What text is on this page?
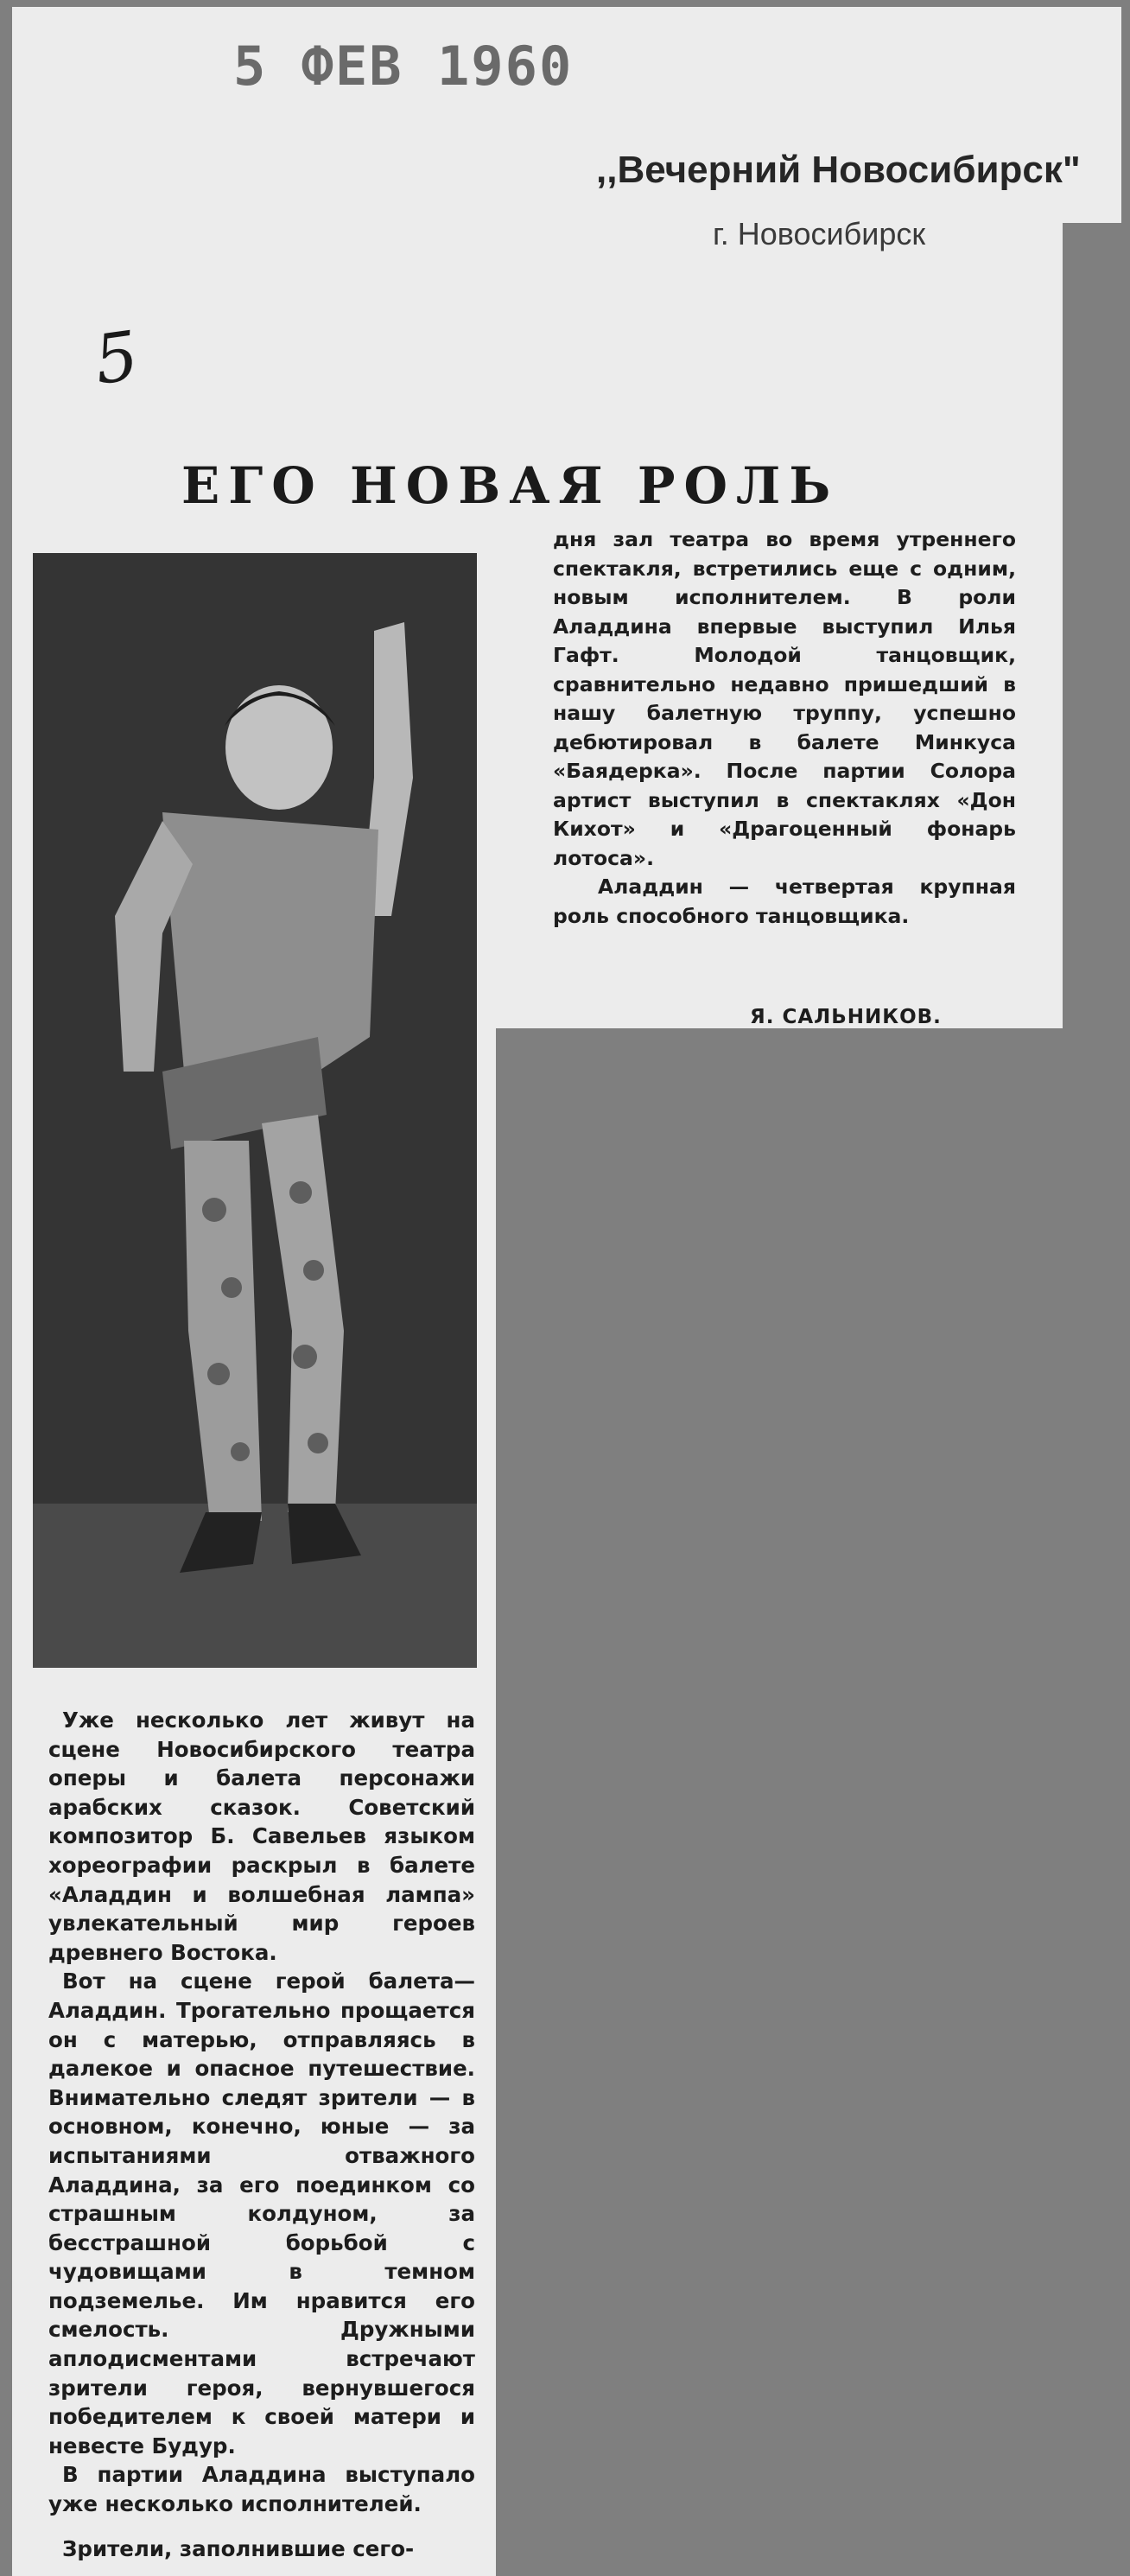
5 ФЕВ 1960
,,Вечерний Новосибирск"
г. Новосибирск
5
ЕГО НОВАЯ РОЛЬ

дня зал театра во время утреннего спектакля, встретились еще с одним, новым исполнителем. В роли Аладдина впервые выступил Илья Гафт. Молодой танцовщик, сравнительно недавно пришедший в нашу балетную труппу, успешно дебютировал в балете Минкуса «Баядерка». После партии Солора артист выступил в спектаклях «Дон Кихот» и «Драгоценный фонарь лотоса».

Аладдин — четвертая крупная роль способного танцовщика.

Я. САЛЬНИКОВ.

Уже несколько лет живут на сцене Новосибирского театра оперы и балета персонажи арабских сказок. Советский композитор Б. Савельев языком хореографии раскрыл в балете «Аладдин и волшебная лампа» увлекательный мир героев древнего Востока.

Вот на сцене герой балета— Аладдин. Трогательно прощается он с матерью, отправляясь в далекое и опасное путешествие. Внимательно следят зрители — в основном, конечно, юные — за испытаниями отважного Аладдина, за его поединком со страшным колдуном, за бесстрашной борьбой с чудовищами в темном подземелье. Им нравится его смелость. Дружными аплодисментами встречают зрители героя, вернувшегося победителем к своей матери и невесте Будур.

В партии Аладдина выступало уже несколько исполнителей.

Зрители, заполнившие сего-
